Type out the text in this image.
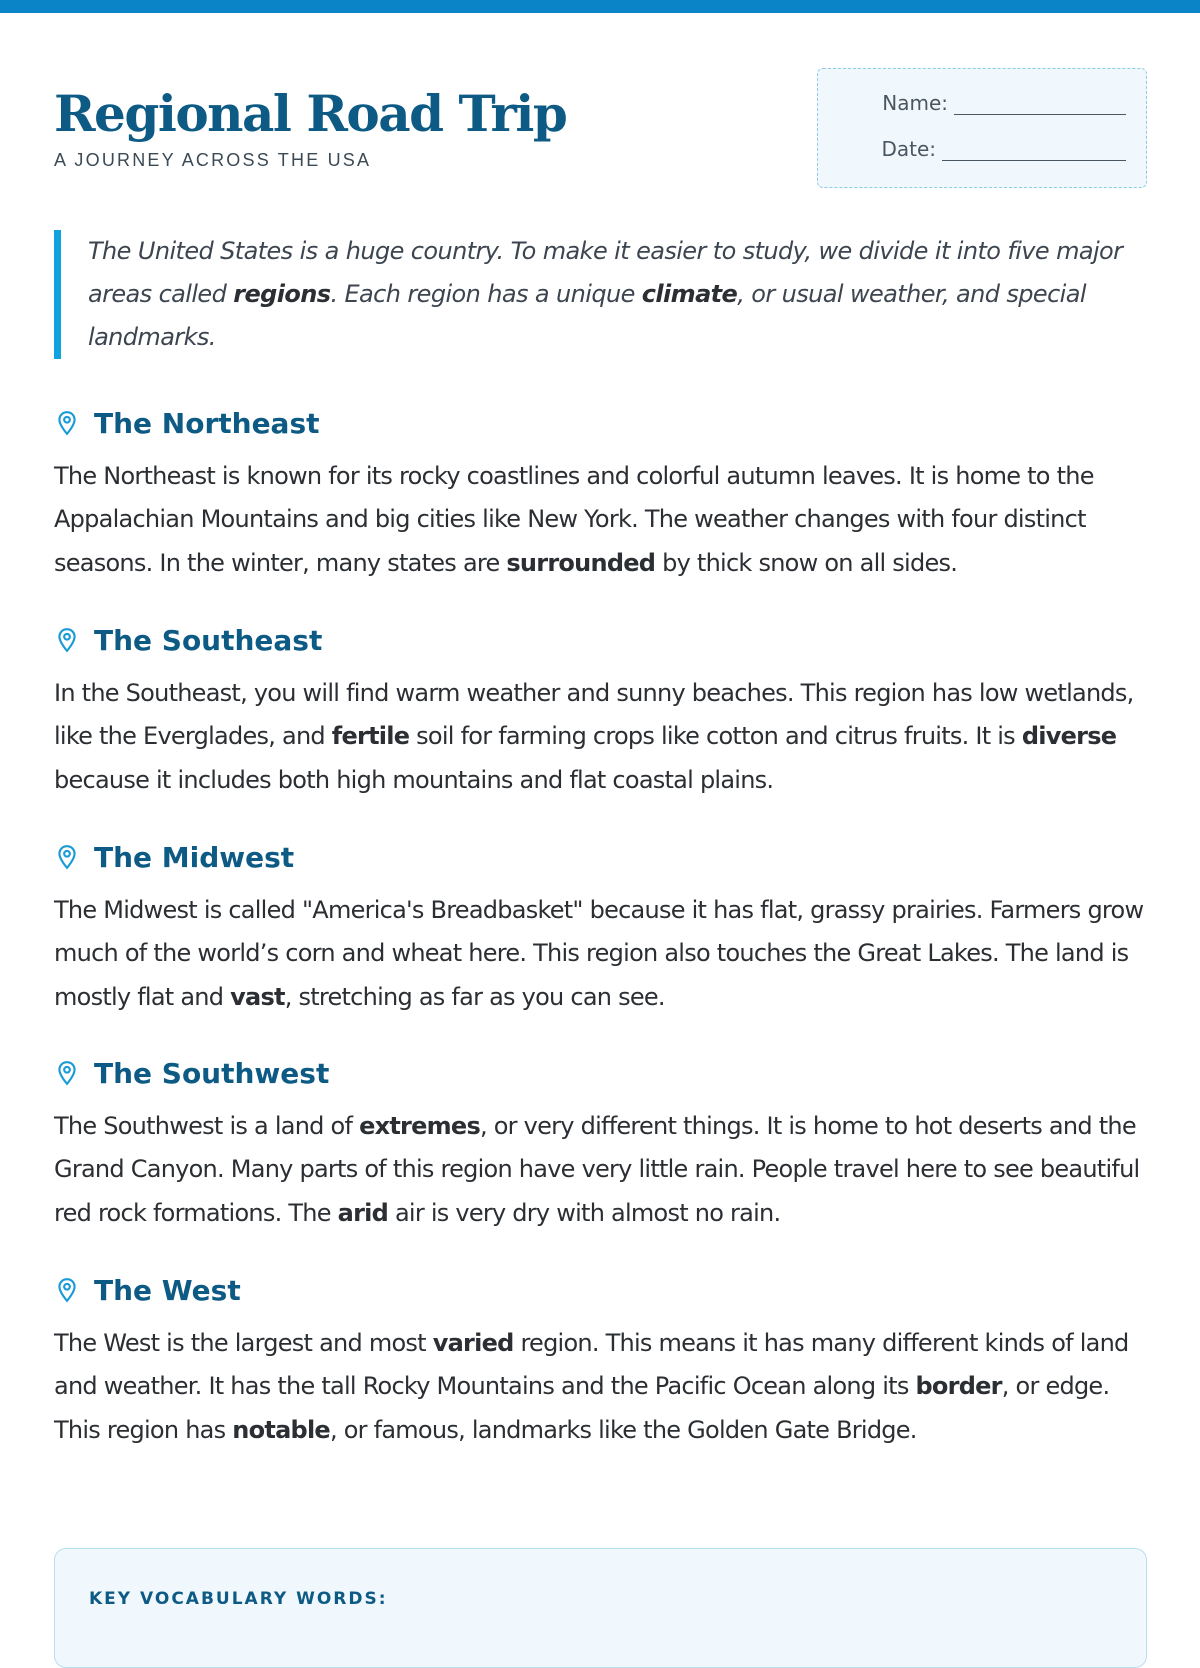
Regional Road Trip
A JOURNEY ACROSS THE USA
Name:
Date:
The United States is a huge country. To make it easier to study, we divide it into five major areas called regions. Each region has a unique climate, or usual weather, and special landmarks.
The Northeast

The Northeast is known for its rocky coastlines and colorful autumn leaves. It is home to the Appalachian Mountains and big cities like New York. The weather changes with four distinct seasons. In the winter, many states are surrounded by thick snow on all sides.

The Southeast

In the Southeast, you will find warm weather and sunny beaches. This region has low wetlands, like the Everglades, and fertile soil for farming crops like cotton and citrus fruits. It is diverse because it includes both high mountains and flat coastal plains.

The Midwest

The Midwest is called "America's Breadbasket" because it has flat, grassy prairies. Farmers grow much of the world’s corn and wheat here. This region also touches the Great Lakes. The land is mostly flat and vast, stretching as far as you can see.

The Southwest

The Southwest is a land of extremes, or very different things. It is home to hot deserts and the Grand Canyon. Many parts of this region have very little rain. People travel here to see beautiful red rock formations. The arid air is very dry with almost no rain.

The West

The West is the largest and most varied region. This means it has many different kinds of land and weather. It has the tall Rocky Mountains and the Pacific Ocean along its border, or edge. This region has notable, or famous, landmarks like the Golden Gate Bridge.

KEY VOCABULARY WORDS:
